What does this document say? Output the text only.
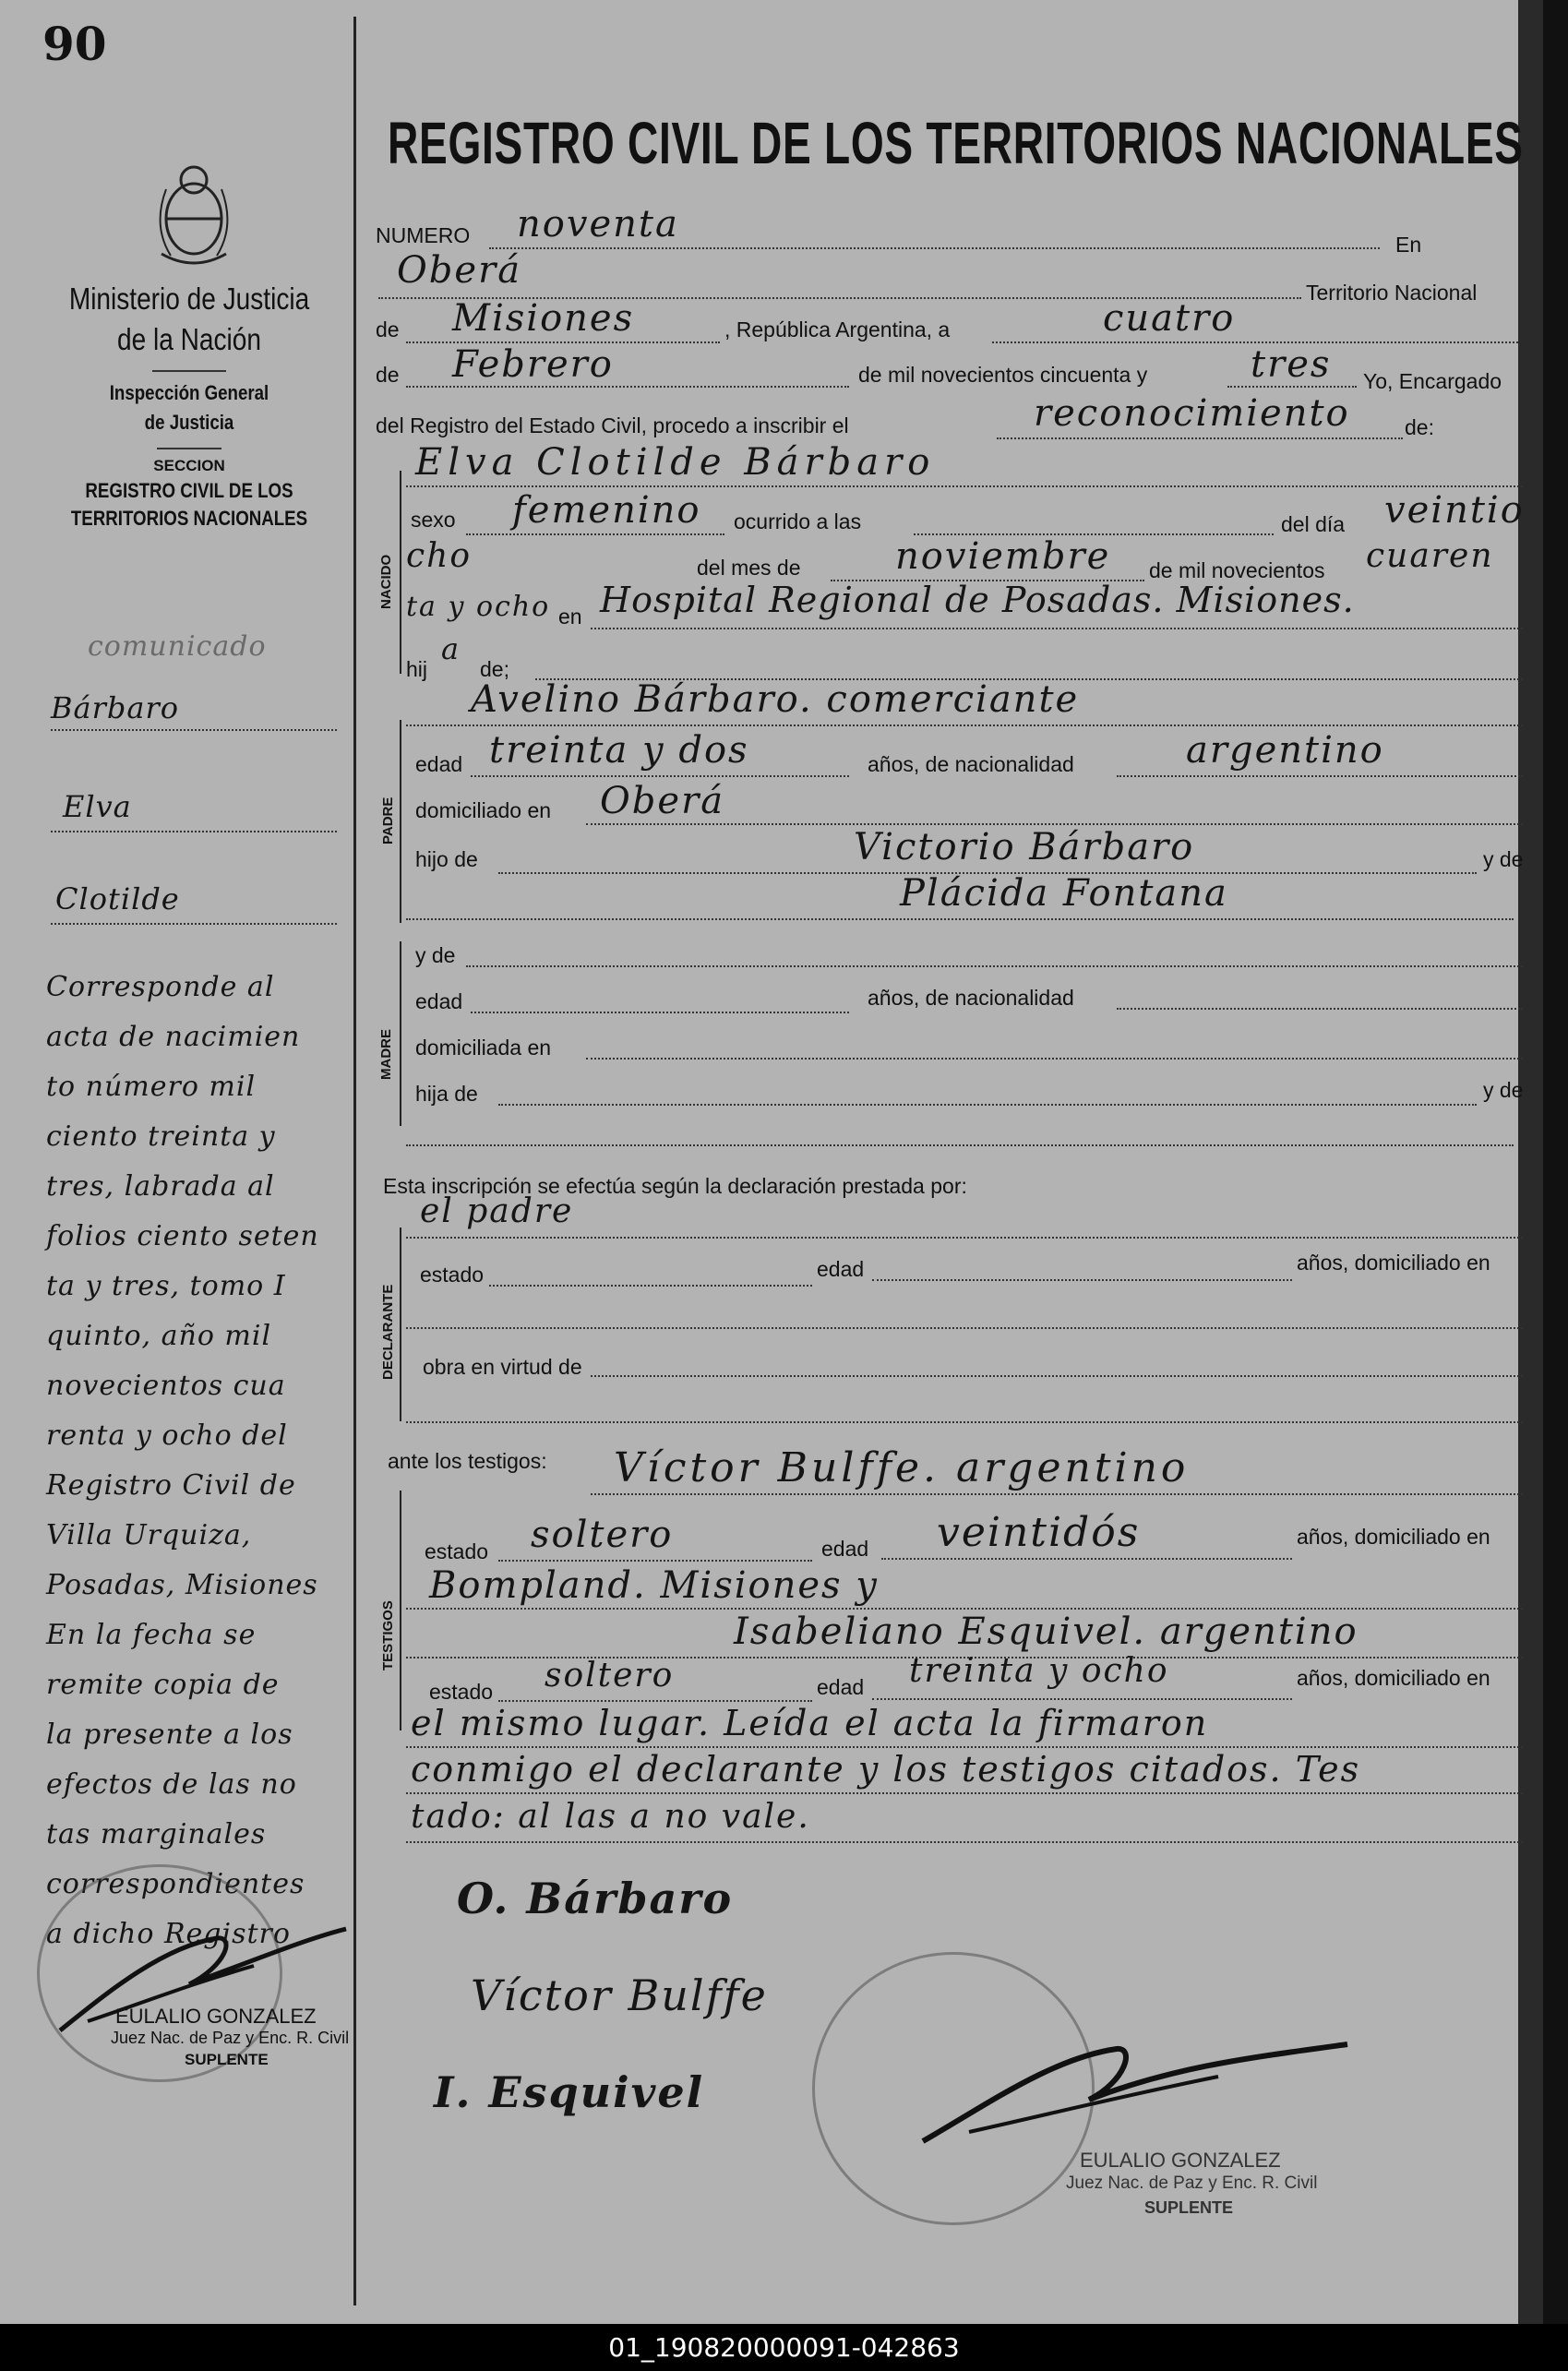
90
Ministerio de Justicia
de la Nación
Inspección General
de Justicia
SECCION
REGISTRO CIVIL DE LOS
TERRITORIOS NACIONALES
REGISTRO CIVIL DE LOS TERRITORIOS NACIONALES
comunicado
Bárbaro
Elva
Clotilde
Corresponde al
acta de nacimien
to número mil
ciento treinta y
tres, labrada al
folios ciento seten
ta y tres, tomo I
quinto, año mil
novecientos cua
renta y ocho del
Registro Civil de
Villa Urquiza,
Posadas, Misiones
En la fecha se
remite copia de
la presente a los
efectos de las no
tas marginales
correspondientes
a dicho Registro
EULALIO GONZALEZ
Juez Nac. de Paz y Enc. R. Civil
SUPLENTE
NUMERO noventa	En
Oberá
Territorio Nacional
de Misiones	, República Argentina, a	cuatro
de Febrero	de mil novecientos cincuenta y	tres Yo, Encargado
del Registro del Estado Civil, procedo a inscribir el	reconocimiento	de:
Elva Clotilde Bárbaro
NACIDO
sexo femenino ocurrido a las	del día veintio
cho	del mes de	noviembre de mil novecientos cuaren
ta y ocho en Hospital Regional de Posadas. Misiones.
hij
a
de;
Avelino Bárbaro. comerciante
PADRE
edad treinta y dos	años, de nacionalidad	argentino
domiciliado en Oberá
hijo de	Victorio Bárbaro	y de
Plácida Fontana
MADRE
y de
edad	años, de nacionalidad
domiciliada en
hija de	y de
Esta inscripción se efectúa según la declaración prestada por:
el padre
DECLARANTE
estado	edad	años, domiciliado en
obra en virtud de
ante los testigos: Víctor Bulffe. argentino
TESTIGOS
estado soltero	edad veintidós	años, domiciliado en
Bompland. Misiones y
Isabeliano Esquivel. argentino
estado soltero	edad treinta y ocho	años, domiciliado en
el mismo lugar. Leída el acta la firmaron
conmigo el declarante y los testigos citados. Tes
tado: al las a no vale.
O. Bárbaro
Víctor Bulffe
I. Esquivel
EULALIO GONZALEZ
Juez Nac. de Paz y Enc. R. Civil
SUPLENTE
01_190820000091-042863
